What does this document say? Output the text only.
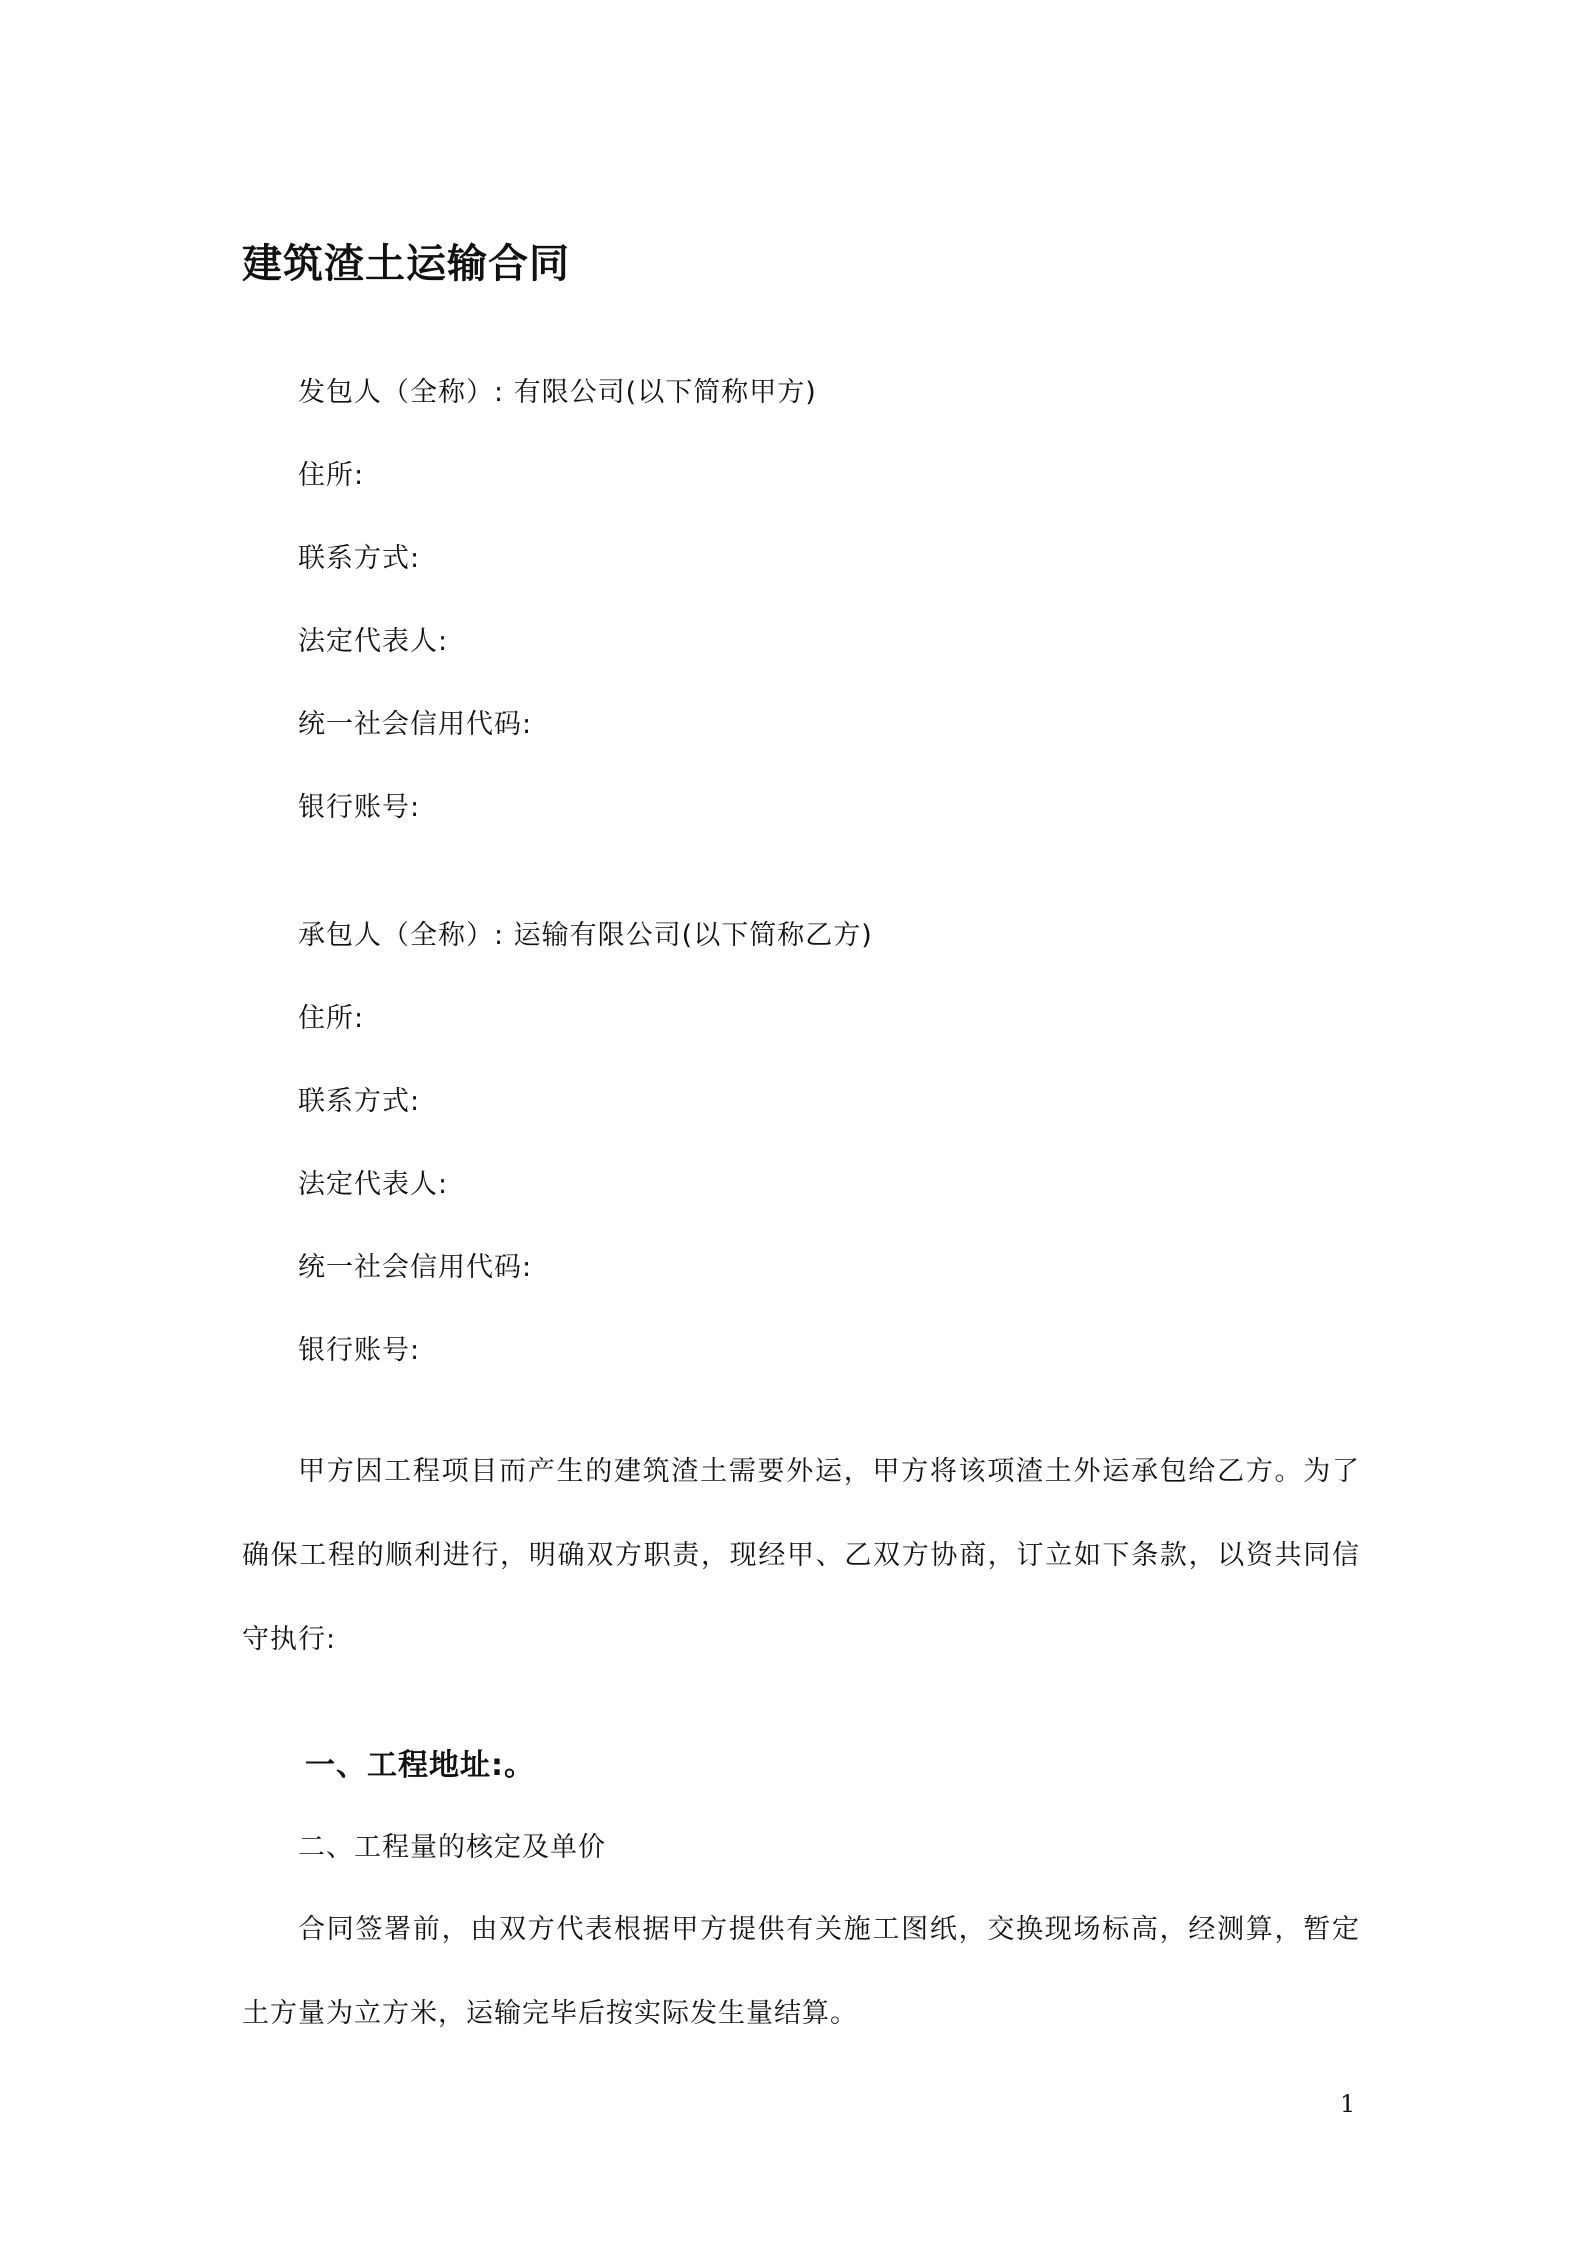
建筑渣土运输合同
发包人（全称）: 有限公司(以下简称甲方)
住所:
联系方式:
法定代表人:
统一社会信用代码:
银行账号:
承包人（全称）: 运输有限公司(以下简称乙方)
住所:
联系方式:
法定代表人:
统一社会信用代码:
银行账号:
甲方因工程项目而产生的建筑渣土需要外运，甲方将该项渣土外运承包给乙方。为了确保工程的顺利进行，明确双方职责，现经甲、乙双方协商，订立如下条款，以资共同信守执行:
一、工程地址:。
二、工程量的核定及单价
合同签署前，由双方代表根据甲方提供有关施工图纸，交换现场标高，经测算，暂定土方量为立方米，运输完毕后按实际发生量结算。
1
